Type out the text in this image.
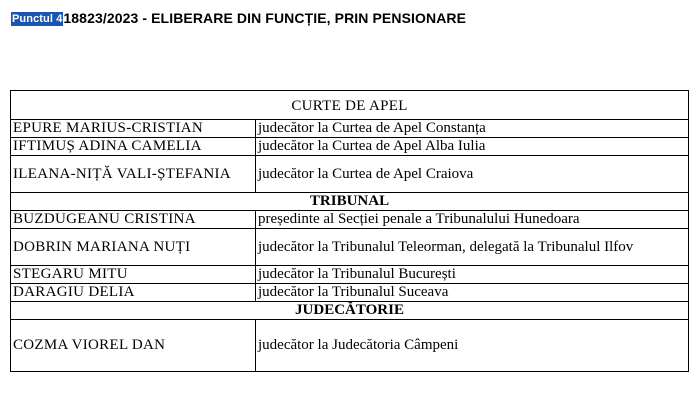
Punctul 418823/2023 - ELIBERARE DIN FUNCȚIE, PRIN PENSIONARE
CURTE DE APEL	
EPURE MARIUS-CRISTIAN	judecător la Curtea de Apel Constanța
IFTIMUȘ ADINA CAMELIA	judecător la Curtea de Apel Alba Iulia
ILEANA-NIȚĂ VALI-ȘTEFANIA	judecător la Curtea de Apel Craiova
TRIBUNAL	
BUZDUGEANU CRISTINA	președinte al Secției penale a Tribunalului Hunedoara
DOBRIN MARIANA NUȚI	judecător la Tribunalul Teleorman, delegată la Tribunalul Ilfov
STEGARU MITU	judecător la Tribunalul București
DARAGIU DELIA	judecător la Tribunalul Suceava
JUDECĂTORIE	
COZMA VIOREL DAN	judecător la Judecătoria Câmpeni
